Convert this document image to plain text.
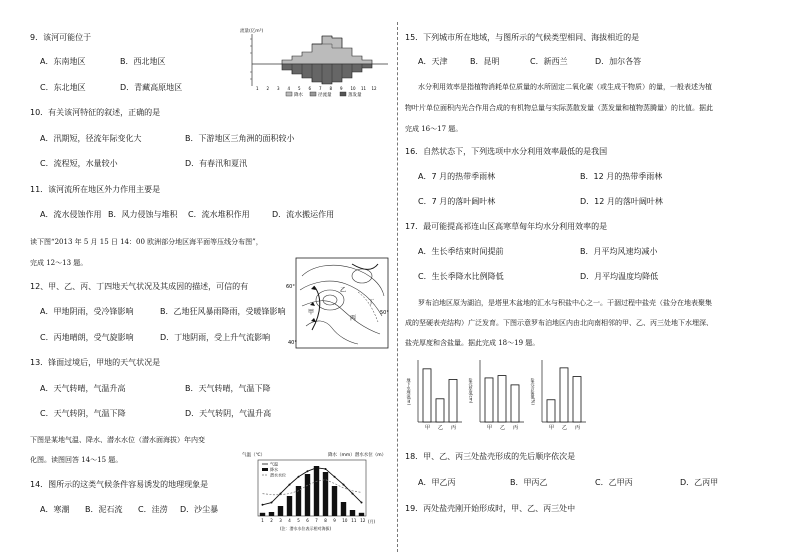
9．该河可能位于
A．东南地区	B．西北地区
C．东北地区	D．青藏高原地区
10．有关该河特征的叙述，正确的是
A．汛期短，径流年际变化大	B．下游地区三角洲的面积较小
C．流程短，水量较小	D．有春汛和夏汛
11．该河流所在地区外力作用主要是
A．流水侵蚀作用 B．风力侵蚀与堆积 C．流水堆积作用	D．流水搬运作用
读下图“2013 年 5 月 15 日 14：00 欧洲部分地区海平面等压线分布图”，
完成 12～13 题。
12、甲、乙、丙、丁四地天气状况及其成因的描述，可信的有
A．甲地阴雨，受冷锋影响	B．乙地狂风暴雨降雨，受暖锋影响
C．丙地晴朗，受气旋影响	D．丁地阴雨，受上升气流影响
13．锋面过境后，甲地的天气状况是
A．天气转晴，气温升高	B．天气转晴，气温下降
C．天气转阴，气温下降	D．天气转阴，气温升高
下图是某地气温、降水、潜水水位（潜水面海拔）年内变
化图。读图回答 14～15 题。
14．图所示的这类气候条件容易诱发的地理现象是
A．寒潮 B．泥石流 C．洼涝 D．沙尘暴
流量(亿m³)
1 2 3 4 5 6 7 8 9 10 11 12
降水	径流量	蒸发量
甲
乙
丙
丁
60°
50°
40°
气温（℃）	降水（mm）潜水水位（m）
1 2 3 4 5 6 7 8 9 10 11 12 (月)
(注：潜水水位表示相对海拔)
气温
降水
潜水水位
15．下列城市所在地域，与图所示的气候类型相同、海拔相近的是
A．天津	B．昆明	C．新西兰	D．加尔各答
水分利用效率是指植物消耗单位质量的水所固定二氧化碳（或生成干物质）的量，一般表述为植
物叶片单位面积内光合作用合成的有机物总量与实际蒸散发量（蒸发量和植物蒸腾量）的比值。据此
完成 16～17 题。
16．自然状态下，下列选项中水分利用效率最低的是我国
A．7 月的热带季雨林	B．12 月的热带季雨林
C．7 月的落叶阔叶林	D．12 月的落叶阔叶林
17．最可能提高祁连山区高寒草甸年均水分利用效率的是
A．生长季结束时间提前	B．月平均风速均减小
C．生长季降水比例降低	D．月平均温度均降低
罗布泊地区原为湖泊，是塔里木盆地的汇水与积盐中心之一。干涸过程中盐壳（盐分在地表聚集
成的坚硬表壳结构）广泛发育。下图示意罗布泊地区内由北向南相邻的甲、乙、丙三处地下水埋深、
盐壳厚度和含盐量。据此完成 18～19 题。
18．甲、乙、丙三处盐壳形成的先后顺序依次是
A．甲乙丙	B．甲丙乙	C．乙甲丙	D．乙丙甲
19．丙处盐壳刚开始形成时，甲、乙、丙三处中
地下水埋深(m)
甲 乙 丙
盐壳厚度(cm)
甲 乙 丙
盐壳含盐量(%)
甲 乙 丙
